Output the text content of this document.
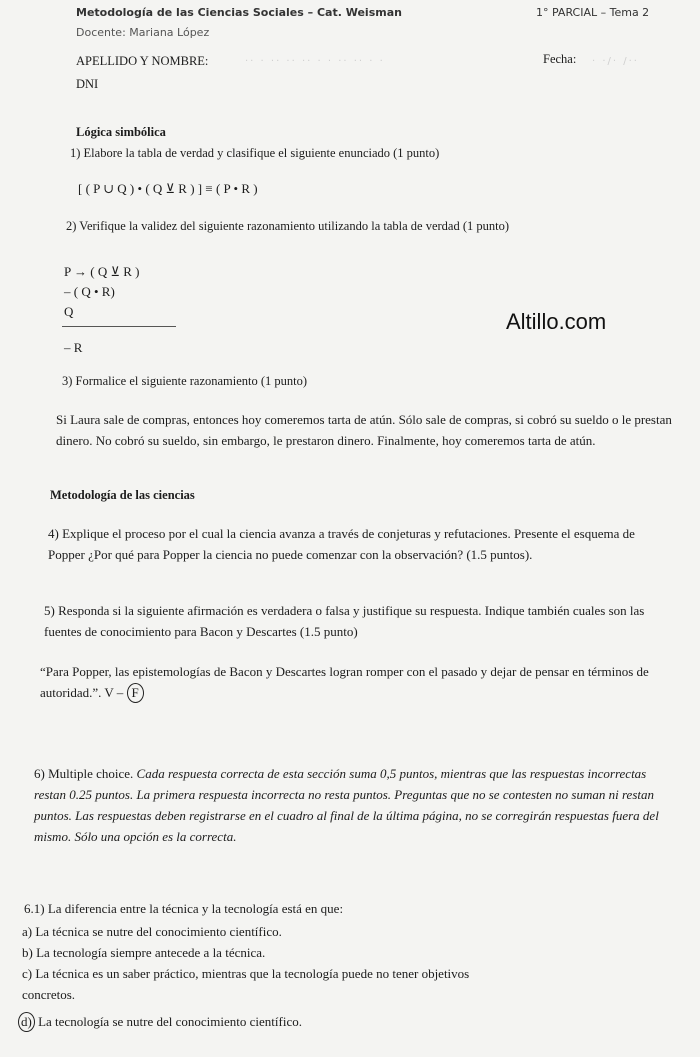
Metodología de las Ciencias Sociales – Cat. Weisman
Docente: Mariana López
1° PARCIAL – Tema 2
APELLIDO Y NOMBRE:	·· · ·· ·· ·· · · ·· ·· · ·	Fecha: · ·/· /··
DNI
Lógica simbólica
1) Elabore la tabla de verdad y clasifique el siguiente enunciado (1 punto)
[ ( P ∪ Q ) • ( Q ⊻ R ) ] ≡ ( P • R )
2) Verifique la validez del siguiente razonamiento utilizando la tabla de verdad (1 punto)
P → ( Q ⊻ R )
– ( Q • R)
Q
– R
Altillo.com
3) Formalice el siguiente razonamiento (1 punto)
Si Laura sale de compras, entonces hoy comeremos tarta de atún. Sólo sale de compras, si cobró su sueldo o le prestan dinero. No cobró su sueldo, sin embargo, le prestaron dinero. Finalmente, hoy comeremos tarta de atún.
Metodología de las ciencias
4) Explique el proceso por el cual la ciencia avanza a través de conjeturas y refutaciones. Presente el esquema de Popper ¿Por qué para Popper la ciencia no puede comenzar con la observación? (1.5 puntos).
5) Responda si la siguiente afirmación es verdadera o falsa y justifique su respuesta. Indique también cuales son las fuentes de conocimiento para Bacon y Descartes (1.5 punto)
“Para Popper, las epistemologías de Bacon y Descartes logran romper con el pasado y dejar de pensar en términos de autoridad.”. V – F
6) Multiple choice. Cada respuesta correcta de esta sección suma 0,5 puntos, mientras que las respuestas incorrectas restan 0.25 puntos. La primera respuesta incorrecta no resta puntos. Preguntas que no se contesten no suman ni restan puntos. Las respuestas deben registrarse en el cuadro al final de la última página, no se corregirán respuestas fuera del mismo. Sólo una opción es la correcta.
6.1) La diferencia entre la técnica y la tecnología está en que:
a) La técnica se nutre del conocimiento científico.
b) La tecnología siempre antecede a la técnica.
c) La técnica es un saber práctico, mientras que la tecnología puede no tener objetivos
concretos.
d) La tecnología se nutre del conocimiento científico.
